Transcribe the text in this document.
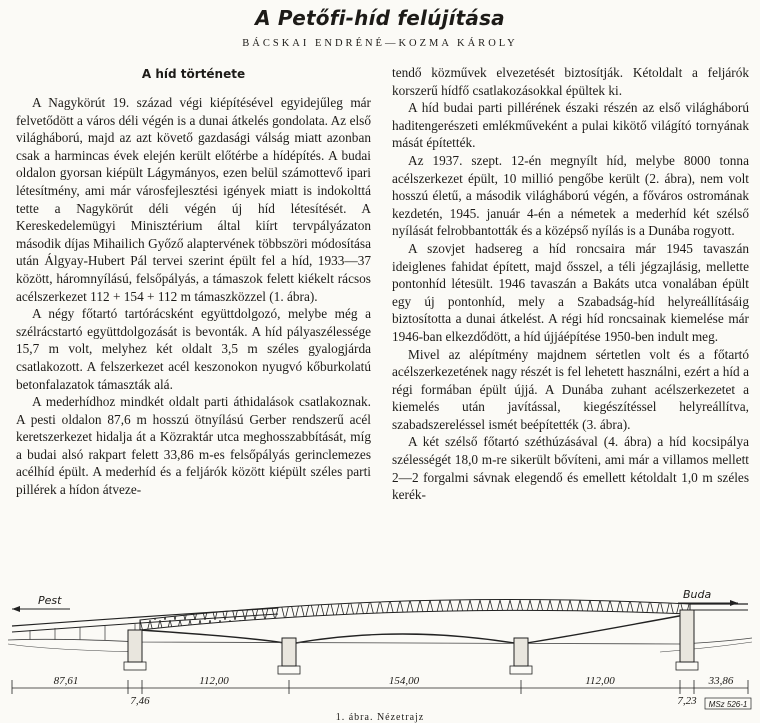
A Petőfi-híd felújítása
BÁCSKAI ENDRÉNÉ—KOZMA KÁROLY
A híd története

A Nagykörút 19. század végi kiépítésével egyidejűleg már felvetődött a város déli végén is a dunai átkelés gondolata. Az első világháború, majd az azt követő gazdasági válság miatt azonban csak a harmincas évek elején került előtérbe a hídépítés. A budai oldalon gyorsan kiépült Lágymányos, ezen belül számottevő ipari létesítmény, ami már városfejlesztési igények miatt is indokolttá tette a Nagykörút déli végén új híd létesítését. A Kereskedelemügyi Minisztérium által kiírt tervpályázaton második díjas Mihailich Győző alaptervének többszöri módosítása után Álgyay-Hubert Pál tervei szerint épült fel a híd, 1933—37 között, háromnyílású, felsőpályás, a támaszok felett kiékelt rácsos acélszerkezet 112 + 154 + 112 m támaszközzel (1. ábra).

A négy főtartó tartórácsként együttdolgozó, melybe még a szélrácstartó együttdolgozását is bevonták. A híd pályaszélessége 15,7 m volt, melyhez két oldalt 3,5 m széles gyalogjárda csatlakozott. A felszerkezet acél keszonokon nyugvó kőburkolatú betonfalazatok támaszták alá.

A mederhídhoz mindkét oldalt parti áthidalások csatlakoznak. A pesti oldalon 87,6 m hosszú ötnyílású Gerber rendszerű acél keretszerkezet hidalja át a Közraktár utca meghosszabbítását, míg a budai alsó rakpart felett 33,86 m-es felsőpályás gerinclemezes acélhíd épült. A mederhíd és a feljárók között kiépült széles parti pillérek a hídon átveze-

tendő közművek elvezetését biztosítják. Kétoldalt a feljárók korszerű hídfő csatlakozásokkal épültek ki.

A híd budai parti pillérének északi részén az első világháború haditengerészeti emlékműveként a pulai kikötő világító tornyának mását építették.

Az 1937. szept. 12-én megnyílt híd, melybe 8000 tonna acélszerkezet épült, 10 millió pengőbe került (2. ábra), nem volt hosszú életű, a második világháború végén, a főváros ostromának kezdetén, 1945. január 4-én a németek a mederhíd két szélső nyílását felrobbantották és a középső nyílás is a Dunába rogyott.

A szovjet hadsereg a híd roncsaira már 1945 tavaszán ideiglenes fahidat épített, majd ősszel, a téli jégzajlásig, mellette pontonhíd létesült. 1946 tavaszán a Bakáts utca vonalában épült egy új pontonhíd, mely a Szabadság-híd helyreállításáig biztosította a dunai átkelést. A régi híd roncsainak kiemelése már 1946-ban elkezdődött, a híd újjáépítése 1950-ben indult meg.

Mivel az alépítmény majdnem sértetlen volt és a főtartó acélszerkezetének nagy részét is fel lehetett használni, ezért a híd a régi formában épült újjá. A Dunába zuhant acélszerkezetet a kiemelés után javítással, kiegészítéssel helyreállítva, szabadszereléssel ismét beépítették (3. ábra).

A két szélső főtartó széthúzásával (4. ábra) a híd kocsipálya szélességét 18,0 m-re sikerült bővíteni, ami már a villamos mellett 2—2 forgalmi sávnak elegendő és emellett kétoldalt 1,0 m széles kerék-

Pest	Buda
87,61
7,46
112,00	154,00	112,00
7,23
33,86
MSz 526-1
1. ábra. Nézetrajz
